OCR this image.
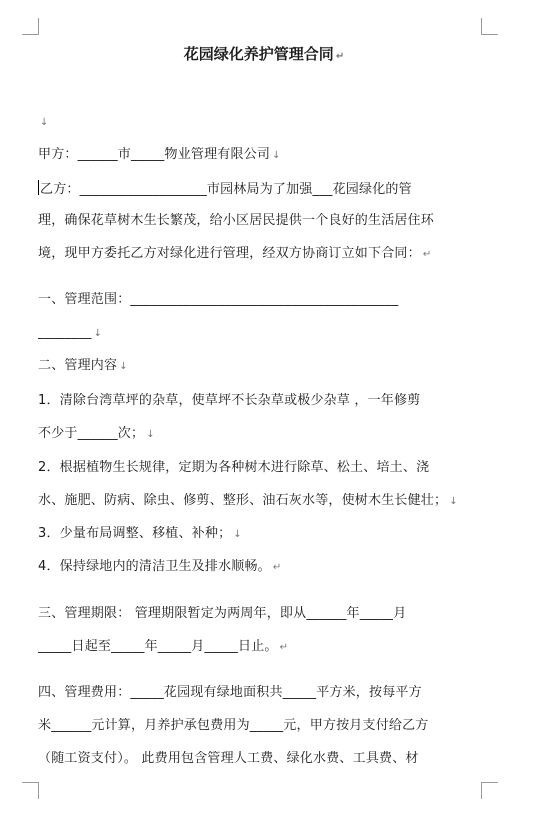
花园绿化养护管理合同 ↵
↓
甲方：______市_____物业管理有限公司 ↓
乙方：___________________市园林局为了加强___花园绿化的管
理，确保花草树木生长繁茂，给小区居民提供一个良好的生活居住环
境，现甲方委托乙方对绿化进行管理，经双方协商订立如下合同： ↵
一、管理范围：________________________________________
________ ↓
二、管理内容 ↓
1．清除台湾草坪的杂草，使草坪不长杂草或极少杂草 ，一年修剪
不少于______次； ↓
2．根据植物生长规律，定期为各种树木进行除草、松土、培土、浇
水、施肥、防病、除虫、修剪、整形、油石灰水等，使树木生长健壮； ↓
3．少量布局调整、移植、补种； ↓
4．保持绿地内的清洁卫生及排水顺畅。 ↵
三、管理期限： 管理期限暂定为两周年，即从______年_____月
_____日起至_____年_____月_____日止。 ↵
四、管理费用：_____花园现有绿地面积共_____平方米，按每平方
米______元计算，月养护承包费用为_____元，甲方按月支付给乙方
（随工资支付）。 此费用包含管理人工费、绿化水费、工具费、材
